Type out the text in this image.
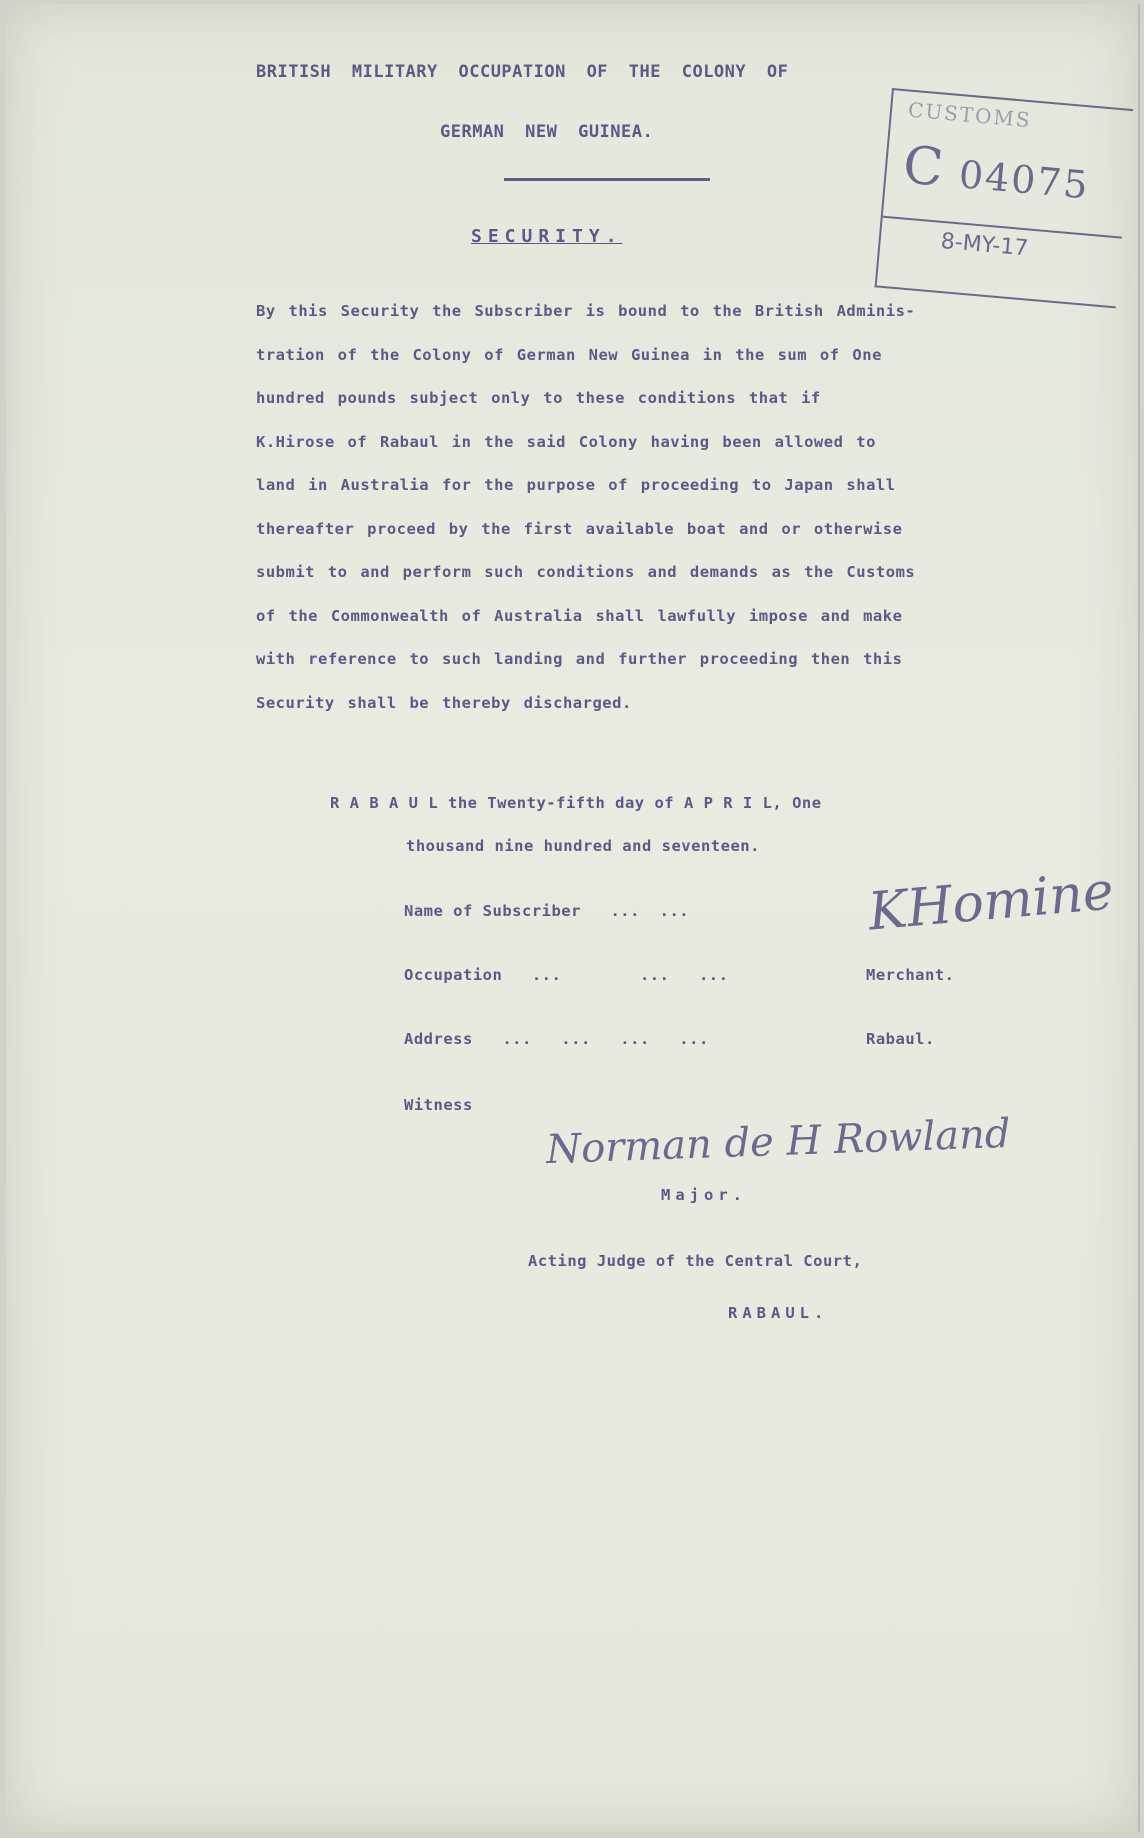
BRITISH MILITARY OCCUPATION OF THE COLONY OF
GERMAN NEW GUINEA.
SECURITY.
CUSTOMS
C 04075
8-MY-17
By this Security the Subscriber is bound to the British Adminis-
tration of the Colony of German New Guinea in the sum of One
hundred pounds subject only to these conditions that if
K.Hirose of Rabaul in the said Colony having been allowed to
land in Australia for the purpose of proceeding to Japan shall
thereafter proceed by the first available boat and or otherwise
submit to and perform such conditions and demands as the Customs
of the Commonwealth of Australia shall lawfully impose and make
with reference to such landing and further proceeding then this
Security shall be thereby discharged.
R A B A U L the Twenty-fifth day of A P R I L, One
thousand nine hundred and seventeen.
Name of Subscriber   ...  ...	KHomine
Occupation   ...        ...   ...	Merchant.
Address   ...   ...   ...   ...	Rabaul.
Witness
Norman de H Rowland
Major.
Acting Judge of the Central Court,
RABAUL.
